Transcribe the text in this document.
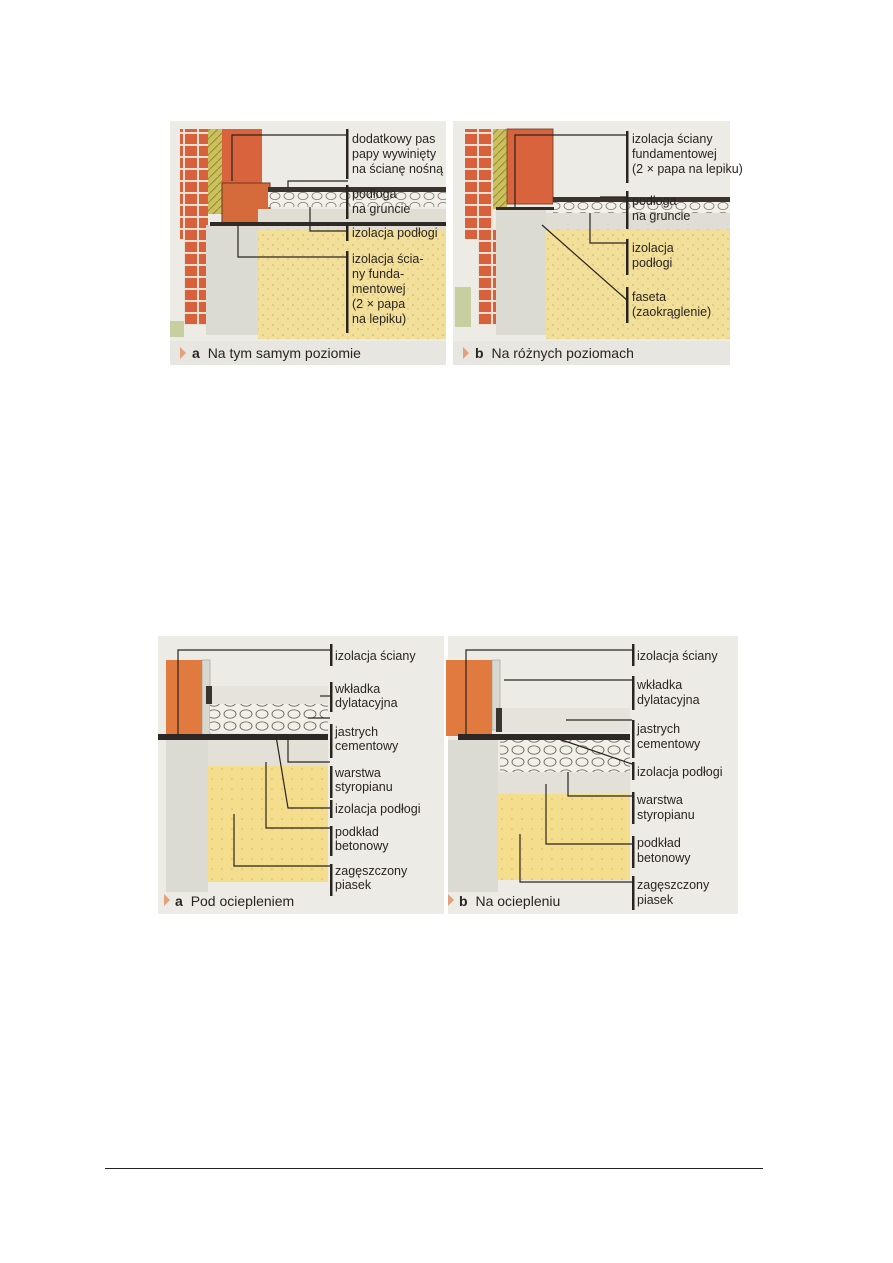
dodatkowy pas
papy wywinięty
na ścianę nośną
podłoga
na gruncie
izolacja podłogi
izolacja ścia-
ny funda-
mentowej
(2 × papa
na lepiku)
a Na tym samym poziomie
izolacja ściany
fundamentowej
(2 × papa na lepiku)
podłoga
na gruncie
izolacja
podłogi
faseta
(zaokrąglenie)
b Na różnych poziomach
izolacja ściany
wkładka
dylatacyjna
jastrych
cementowy
warstwa
styropianu
izolacja podłogi
podkład
betonowy
zagęszczony
piasek
a Pod ociepleniem
izolacja ściany
wkładka
dylatacyjna
jastrych
cementowy
izolacja podłogi
warstwa
styropianu
podkład
betonowy
zagęszczony
piasek
b Na ociepleniu
